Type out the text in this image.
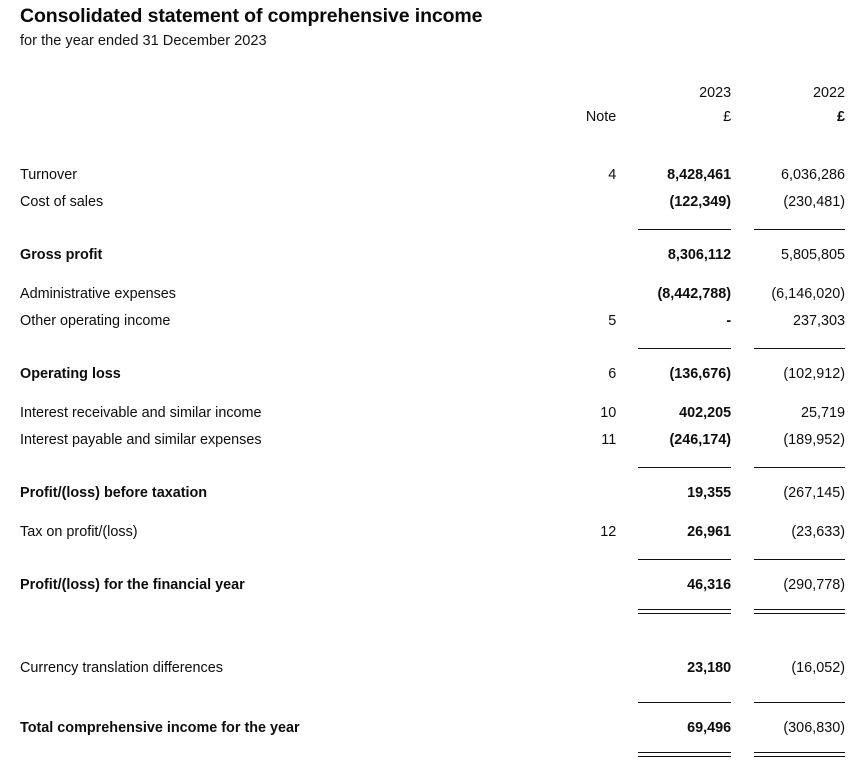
Consolidated statement of comprehensive income

for the year ended 31 December 2023

		2023	2022
	Note	£	£

Turnover	4	8,428,461	6,036,286
Cost of sales		(122,349)	(230,481)

Gross profit		8,306,112	5,805,805

Administrative expenses		(8,442,788)	(6,146,020)
Other operating income	5	-	237,303

Operating loss	6	(136,676)	(102,912)

Interest receivable and similar income	10	402,205	25,719
Interest payable and similar expenses	11	(246,174)	(189,952)

Profit/(loss) before taxation		19,355	(267,145)

Tax on profit/(loss)	12	26,961	(23,633)

Profit/(loss) for the financial year		46,316	(290,778)

Currency translation differences		23,180	(16,052)

Total comprehensive income for the year		69,496	(306,830)
